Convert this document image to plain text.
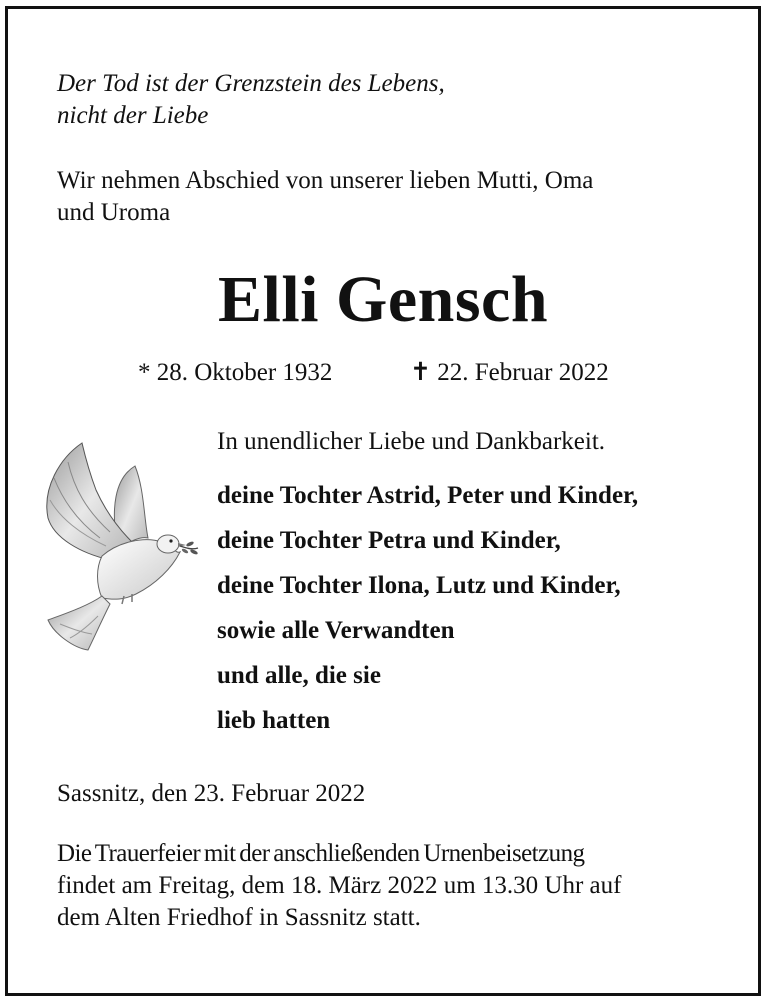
Der Tod ist der Grenzstein des Lebens,
nicht der Liebe
Wir nehmen Abschied von unserer lieben Mutti, Oma
und Uroma
Elli Gensch
* 28. Oktober 1932	✝ 22. Februar 2022
In unendlicher Liebe und Dankbarkeit.
deine Tochter Astrid, Peter und Kinder,
deine Tochter Petra und Kinder,
deine Tochter Ilona, Lutz und Kinder,
sowie alle Verwandten
und alle, die sie
lieb hatten
Sassnitz, den 23. Februar 2022
Die Trauerfeier mit der anschließenden Urnenbeisetzung
findet am Freitag, dem 18. März 2022 um 13.30 Uhr auf
dem Alten Friedhof in Sassnitz statt.
